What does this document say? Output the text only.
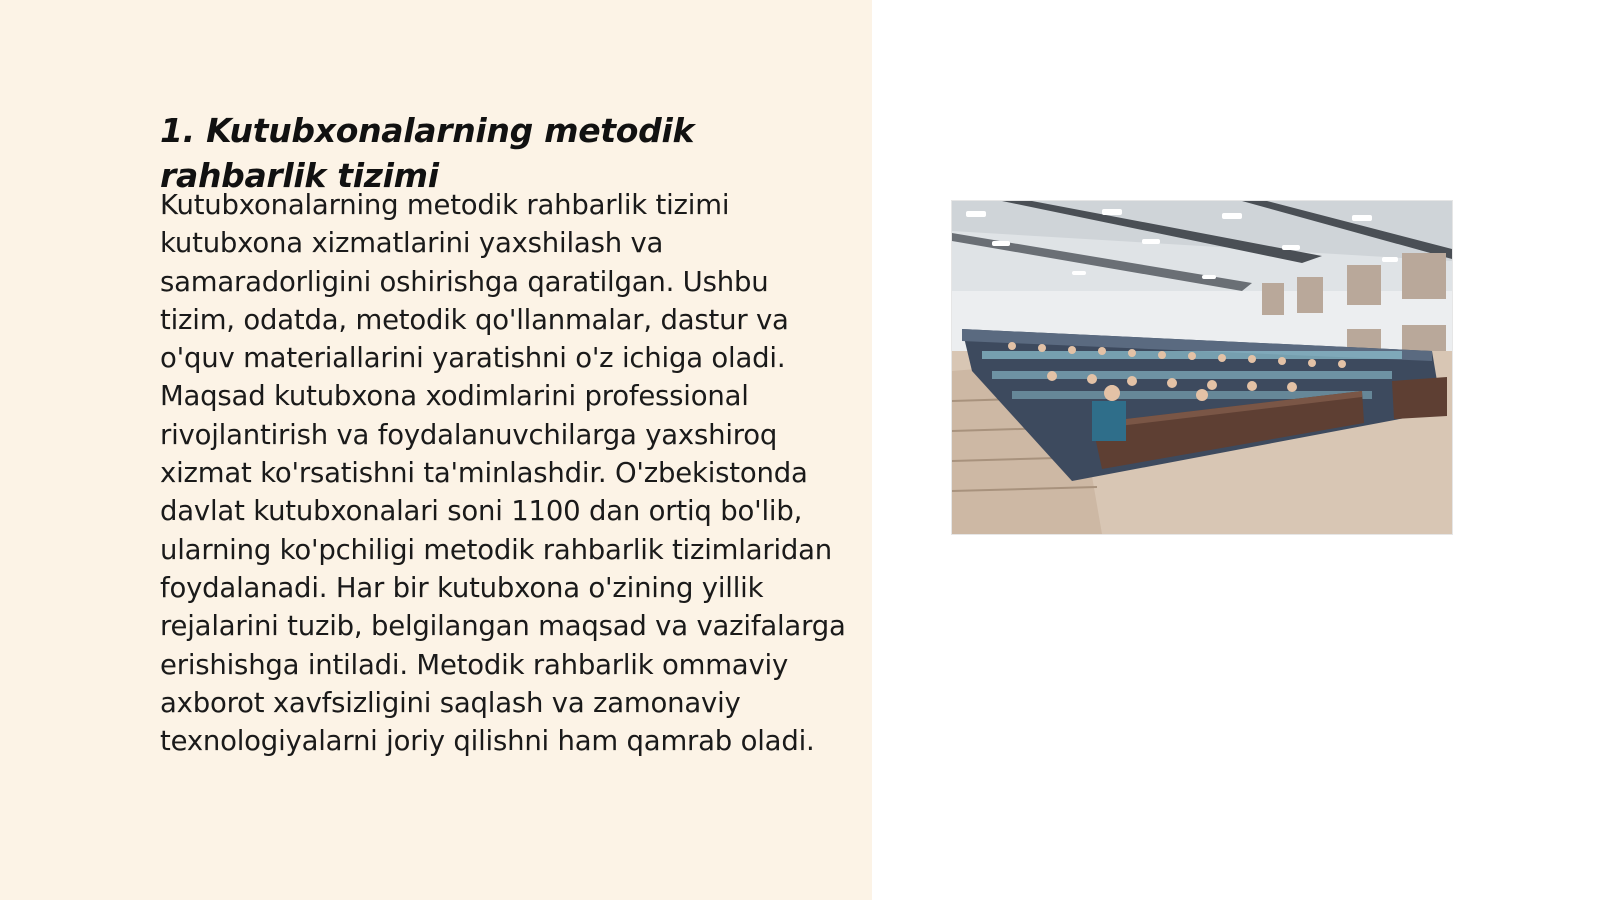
1. Kutubxonalarning metodik rahbarlik tizimi

Kutubxonalarning metodik rahbarlik tizimi kutubxona xizmatlarini yaxshilash va samaradorligini oshirishga qaratilgan. Ushbu tizim, odatda, metodik qo'llanmalar, dastur va o'quv materiallarini yaratishni o'z ichiga oladi. Maqsad kutubxona xodimlarini professional rivojlantirish va foydalanuvchilarga yaxshiroq xizmat ko'rsatishni ta'minlashdir. O'zbekistonda davlat kutubxonalari soni 1100 dan ortiq bo'lib, ularning ko'pchiligi metodik rahbarlik tizimlaridan foydalanadi. Har bir kutubxona o'zining yillik rejalarini tuzib, belgilangan maqsad va vazifalarga erishishga intiladi. Metodik rahbarlik ommaviy axborot xavfsizligini saqlash va zamonaviy texnologiyalarni joriy qilishni ham qamrab oladi.
